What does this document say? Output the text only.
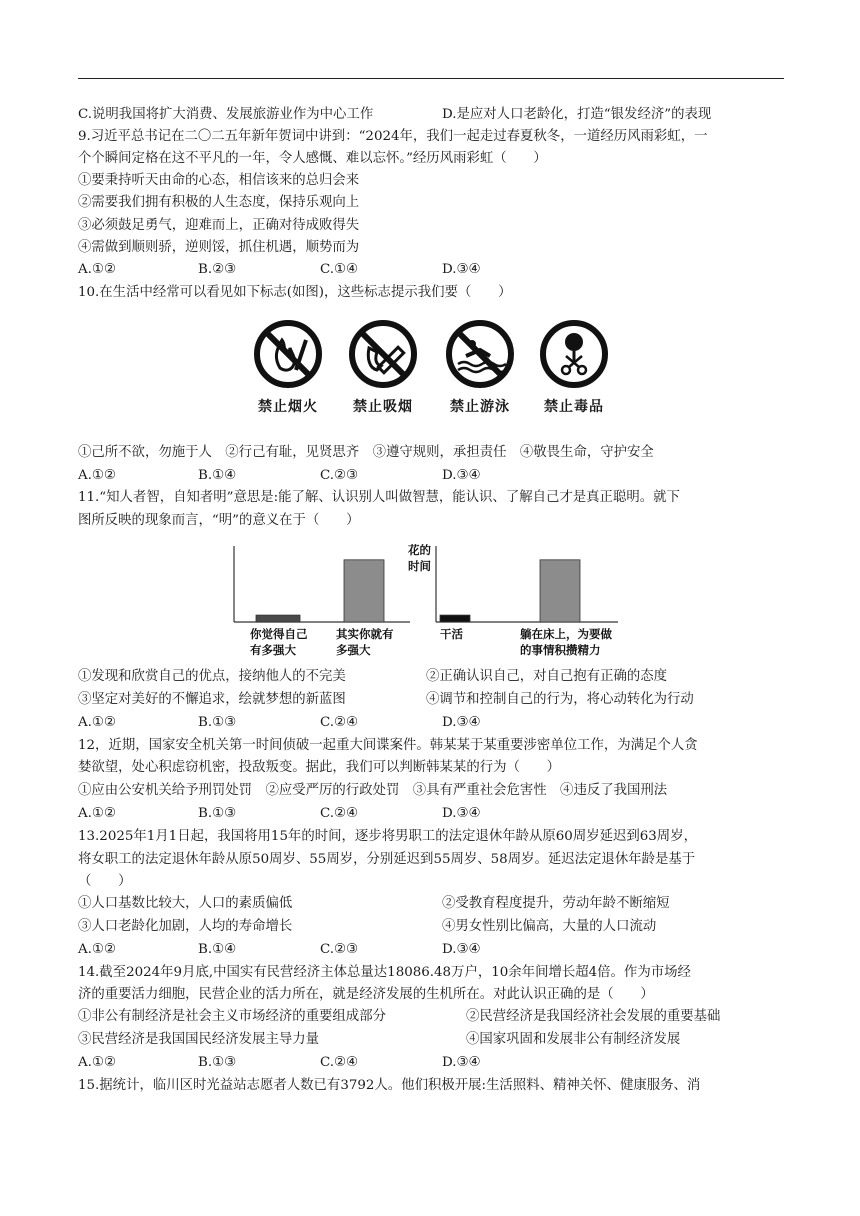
C.说明我国将扩大消费、发展旅游业作为中心工作	D.是应对人口老龄化，打造“银发经济”的表现
9.习近平总书记在二〇二五年新年贺词中讲到：“2024年，我们一起走过春夏秋冬，一道经历风雨彩虹，一
个个瞬间定格在这不平凡的一年，令人感慨、难以忘怀。”经历风雨彩虹（　　）
①要秉持听天由命的心态，相信该来的总归会来
②需要我们拥有积极的人生态度，保持乐观向上
③必须鼓足勇气，迎难而上，正确对待成败得失
④需做到顺则骄，逆则馁，抓住机遇，顺势而为
A.①②	B.②③	C.①④	D.③④
10.在生活中经常可以看见如下标志(如图)，这些标志提示我们要（　　）
禁止烟火	禁止吸烟	禁止游泳	禁止毒品
①己所不欲，勿施于人　②行己有耻，见贤思齐　③遵守规则，承担责任　④敬畏生命，守护安全
A.①②	B.①④	C.②③	D.③④
11.“知人者智，自知者明”意思是:能了解、认识别人叫做智慧，能认识、了解自己才是真正聪明。就下
图所反映的现象而言，“明”的意义在于（　　）
你觉得自己
有多强大
其实你就有
多强大
干活	躺在床上，为要做
的事情积攒精力
花的
时间
①发现和欣赏自己的优点，接纳他人的不完美	②正确认识自己，对自己抱有正确的态度
③坚定对美好的不懈追求，绘就梦想的新蓝图	④调节和控制自己的行为，将心动转化为行动
A.①②	B.①③	C.②④	D.③④
12，近期，国家安全机关第一时间侦破一起重大间谍案件。韩某某于某重要涉密单位工作，为满足个人贪
婪欲望，处心积虑窃机密，投敌叛变。据此，我们可以判断韩某某的行为（　　）
①应由公安机关给予刑罚处罚　②应受严厉的行政处罚　③具有严重社会危害性　④违反了我国刑法
A.①②	B.①③	C.②④	D.③④
13.2025年1月1日起，我国将用15年的时间，逐步将男职工的法定退休年龄从原60周岁延迟到63周岁，
将女职工的法定退休年龄从原50周岁、55周岁，分别延迟到55周岁、58周岁。延迟法定退休年龄是基于
（　　）
①人口基数比较大，人口的素质偏低	②受教育程度提升，劳动年龄不断缩短
③人口老龄化加剧，人均的寿命增长	④男女性别比偏高，大量的人口流动
A.①②	B.①④	C.②③	D.③④
14.截至2024年9月底,中国实有民营经济主体总量达18086.48万户，10余年间增长超4倍。作为市场经
济的重要活力细胞，民营企业的活力所在，就是经济发展的生机所在。对此认识正确的是（　　）
①非公有制经济是社会主义市场经济的重要组成部分	②民营经济是我国经济社会发展的重要基础
③民营经济是我国国民经济发展主导力量	④国家巩固和发展非公有制经济发展
A.①②	B.①③	C.②④	D.③④
15.据统计，临川区时光益站志愿者人数已有3792人。他们积极开展:生活照料、精神关怀、健康服务、消
